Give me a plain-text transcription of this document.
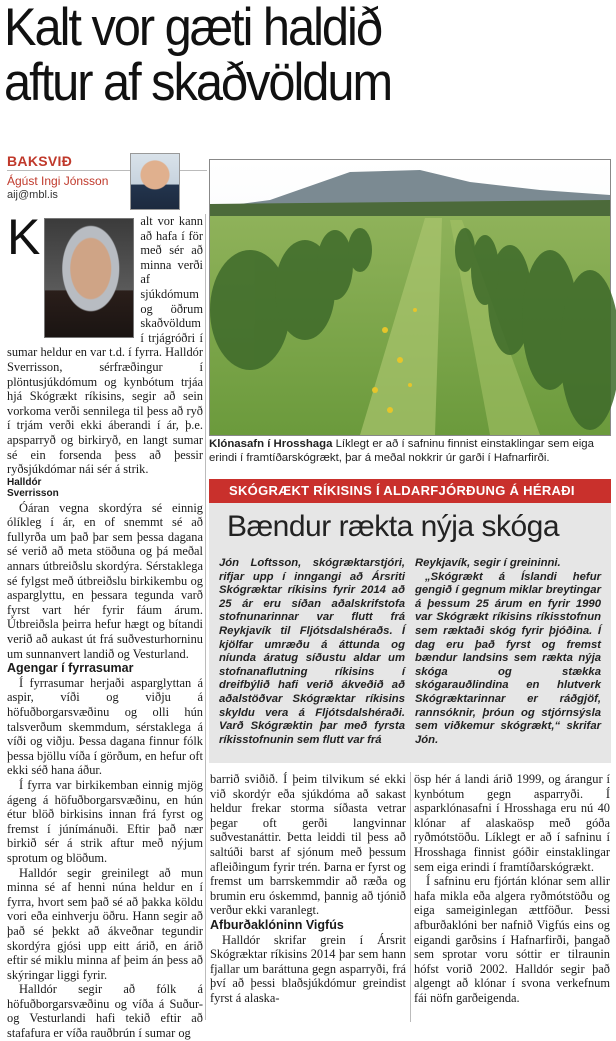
Kalt vor gæti haldið
aftur af skaðvöldum
BAKSVIÐ
Ágúst Ingi Jónsson
aij@mbl.is
K	alt vor kann að hafa í för með sér að minna verði af sjúkdómum og öðrum skaðvöldum í trjágróðri í sumar heldur en var t.d. í fyrra. Halldór Sverrisson, sérfræðingur í plöntusjúkdómum og kynbótum trjáa hjá Skógrækt ríkisins, segir að sein vorkoma verði sennilega til þess að ryð í trjám verði ekki áberandi í ár, þ.e. apsparryð og birkiryð, en langt sumar sé ein forsenda þess að þessir ryðsjúkdómar nái sér á strik.

Halldór Sverrisson

Óáran vegna skordýra sé einnig ólíkleg í ár, en of snemmt sé að fullyrða um það þar sem þessa dagana sé verið að meta stöðuna og þá meðal annars útbreiðslu skordýra. Sérstaklega sé fylgst með útbreiðslu birkikembu og asparglyttu, en þessara tegunda varð fyrst vart hér fyrir fáum árum. Útbreiðsla þeirra hefur hægt og bítandi verið að aukast út frá suðvesturhorninu um sunnanvert landið og Vesturland.

Agengar í fyrrasumar

Í fyrrasumar herjaði asparglyttan á aspir, víði og viðju á höfuðborgarsvæðinu og olli hún talsverðum skemmdum, sérstaklega á víði og viðju. Þessa dagana finnur fólk þessa bjöllu víða í görðum, en hefur oft ekki séð hana áður.

Í fyrra var birkikemban einnig mjög ágeng á höfuðborgarsvæðinu, en hún étur blöð birkisins innan frá fyrst og fremst í júnímánuði. Eftir það nær birkið sér á strik aftur með nýjum sprotum og blöðum.

Halldór segir greinilegt að mun minna sé af henni núna heldur en í fyrra, hvort sem það sé að þakka köldu vori eða einhverju öðru. Hann segir að það sé þekkt að ákveðnar tegundir skordýra gjósi upp eitt árið, en árið eftir sé miklu minna af þeim án þess að skýringar liggi fyrir.

Halldór segir að fólk á höfuðborgarsvæðinu og víða á Suður- og Vesturlandi hafi tekið eftir að stafafura er víða rauðbrún í sumar og

Klónasafn í Hrosshaga Líklegt er að í safninu finnist einstaklingar sem eiga erindi í framtíðarskógrækt, þar á meðal nokkrir úr garði í Hafnarfirði.
SKÓGRÆKT RÍKISINS Í ALDARFJÓRÐUNG Á HÉRAÐI
Bændur rækta nýja skóga

Jón Loftsson, skógræktarstjóri, rifjar upp í inngangi að Ársriti Skógræktar ríkisins fyrir 2014 að 25 ár eru síðan aðalskrifstofa stofnunarinnar var flutt frá Reykjavík til Fljótsdalshéraðs. Í kjölfar umræðu á áttunda og níunda áratug síðustu aldar um stofnanaflutning ríkisins í dreifbýlið hafi verið ákveðið að aðalstöðvar Skógræktar ríkisins skyldu vera á Fljótsdalshéraði. Varð Skógræktin þar með fyrsta ríkisstofnunin sem flutt var frá

Reykjavík, segir í greininni.

„Skógrækt á Íslandi hefur gengið í gegnum miklar breytingar á þessum 25 árum en fyrir 1990 var Skógrækt ríkisins ríkisstofnun sem ræktaði skóg fyrir þjóðina. Í dag eru það fyrst og fremst bændur landsins sem rækta nýja skóga og stækka skógarauðlindina en hlutverk Skógræktarinnar er ráðgjöf, rannsóknir, þróun og stjórnsýsla sem viðkemur skógrækt,“ skrifar Jón.

barrið sviðið. Í þeim tilvikum sé ekki við skordýr eða sjúkdóma að sakast heldur frekar storma síðasta vetrar þegar oft gerði langvinnar suðvestanáttir. Þetta leiddi til þess að saltúði barst af sjónum með þessum afleiðingum fyrir trén. Þarna er fyrst og fremst um barrskemmdir að ræða og brumin eru óskemmd, þannig að tjónið verður ekki varanlegt.

Afburðaklóninn Vigfús

Halldór skrifar grein í Ársrit Skógræktar ríkisins 2014 þar sem hann fjallar um baráttuna gegn asparryði, frá því að þessi blaðsjúkdómur greindist fyrst á alaska-

ösp hér á landi árið 1999, og árangur í kynbótum gegn asparryði. Í asparklónasafni í Hrosshaga eru nú 40 klónar af alaskaösp með góða ryðmótstöðu. Líklegt er að í safninu í Hrosshaga finnist góðir einstaklingar sem eiga erindi í framtíðarskógrækt.

Í safninu eru fjórtán klónar sem allir hafa mikla eða algera ryðmótstöðu og eiga sameiginlegan ættföður. Þessi afburðaklóni ber nafnið Vigfús eins og eigandi garðsins í Hafnarfirði, þangað sem sprotar voru sóttir er tilraunin hófst vorið 2002. Halldór segir það algengt að klónar í svona verkefnum fái nöfn garðeigenda.
